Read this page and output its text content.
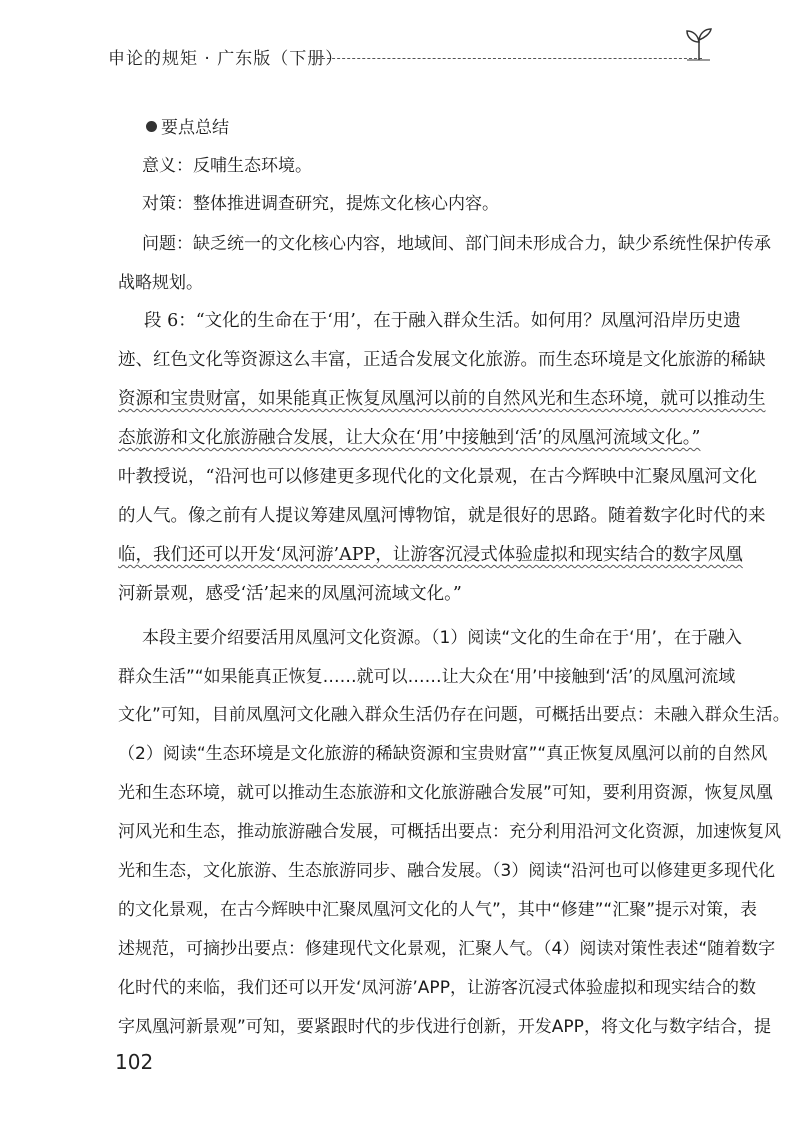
申论的规矩 · 广东版（下册）
要点总结
意义：反哺生态环境。
对策：整体推进调查研究，提炼文化核心内容。
问题：缺乏统一的文化核心内容，地域间、部门间未形成合力，缺少系统性保护传承
战略规划。
段 6：“文化的生命在于‘用’，在于融入群众生活。如何用？凤凰河沿岸历史遗
迹、红色文化等资源这么丰富，正适合发展文化旅游。而生态环境是文化旅游的稀缺
资源和宝贵财富，如果能真正恢复凤凰河以前的自然风光和生态环境，就可以推动生
态旅游和文化旅游融合发展，让大众在‘用’中接触到‘活’的凤凰河流域文化。”
叶教授说，“沿河也可以修建更多现代化的文化景观，在古今辉映中汇聚凤凰河文化
的人气。像之前有人提议筹建凤凰河博物馆，就是很好的思路。随着数字化时代的来
临，我们还可以开发‘凤河游’APP，让游客沉浸式体验虚拟和现实结合的数字凤凰
河新景观，感受‘活’起来的凤凰河流域文化。”
本段主要介绍要活用凤凰河文化资源。（1）阅读“文化的生命在于‘用’，在于融入
群众生活”“如果能真正恢复……就可以……让大众在‘用’中接触到‘活’的凤凰河流域
文化”可知，目前凤凰河文化融入群众生活仍存在问题，可概括出要点：未融入群众生活。
（2）阅读“生态环境是文化旅游的稀缺资源和宝贵财富”“真正恢复凤凰河以前的自然风
光和生态环境，就可以推动生态旅游和文化旅游融合发展”可知，要利用资源，恢复凤凰
河风光和生态，推动旅游融合发展，可概括出要点：充分利用沿河文化资源，加速恢复风
光和生态，文化旅游、生态旅游同步、融合发展。（3）阅读“沿河也可以修建更多现代化
的文化景观，在古今辉映中汇聚凤凰河文化的人气”，其中“修建”“汇聚”提示对策，表
述规范，可摘抄出要点：修建现代文化景观，汇聚人气。（4）阅读对策性表述“随着数字
化时代的来临，我们还可以开发‘凤河游’APP，让游客沉浸式体验虚拟和现实结合的数
字凤凰河新景观”可知，要紧跟时代的步伐进行创新，开发APP，将文化与数字结合，提
102
